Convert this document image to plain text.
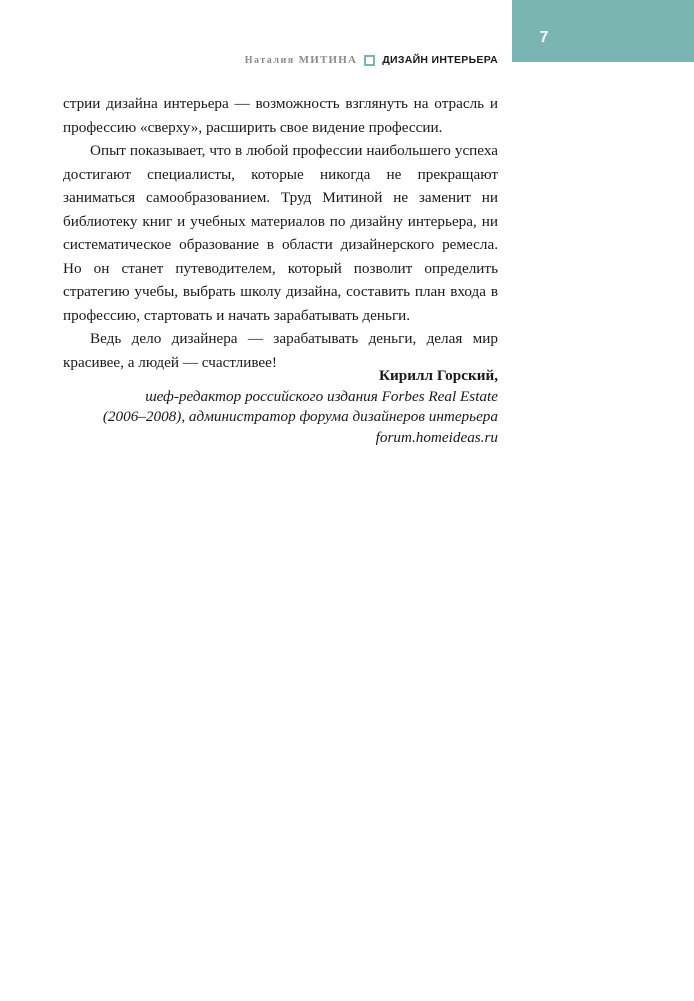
7
Наталия МИТИНА ДИЗАЙН ИНТЕРЬЕРА

стрии дизайна интерьера — возможность взглянуть на отрасль и профессию «сверху», расширить свое видение профессии.

Опыт показывает, что в любой профессии наибольшего успеха достигают специалисты, которые никогда не прекращают заниматься самообразованием. Труд Митиной не заменит ни библиотеку книг и учебных материалов по дизайну интерьера, ни систематическое образование в области дизайнерского ремесла. Но он станет путеводителем, который позволит определить стратегию учебы, выбрать школу дизайна, составить план входа в профессию, стартовать и начать зарабатывать деньги.

Ведь дело дизайнера — зарабатывать деньги, делая мир красивее, а людей — счастливее!

Кирилл Горский,
шеф-редактор российского издания Forbes Real Estate
(2006–2008), администратор форума дизайнеров интерьера
forum.homeideas.ru
